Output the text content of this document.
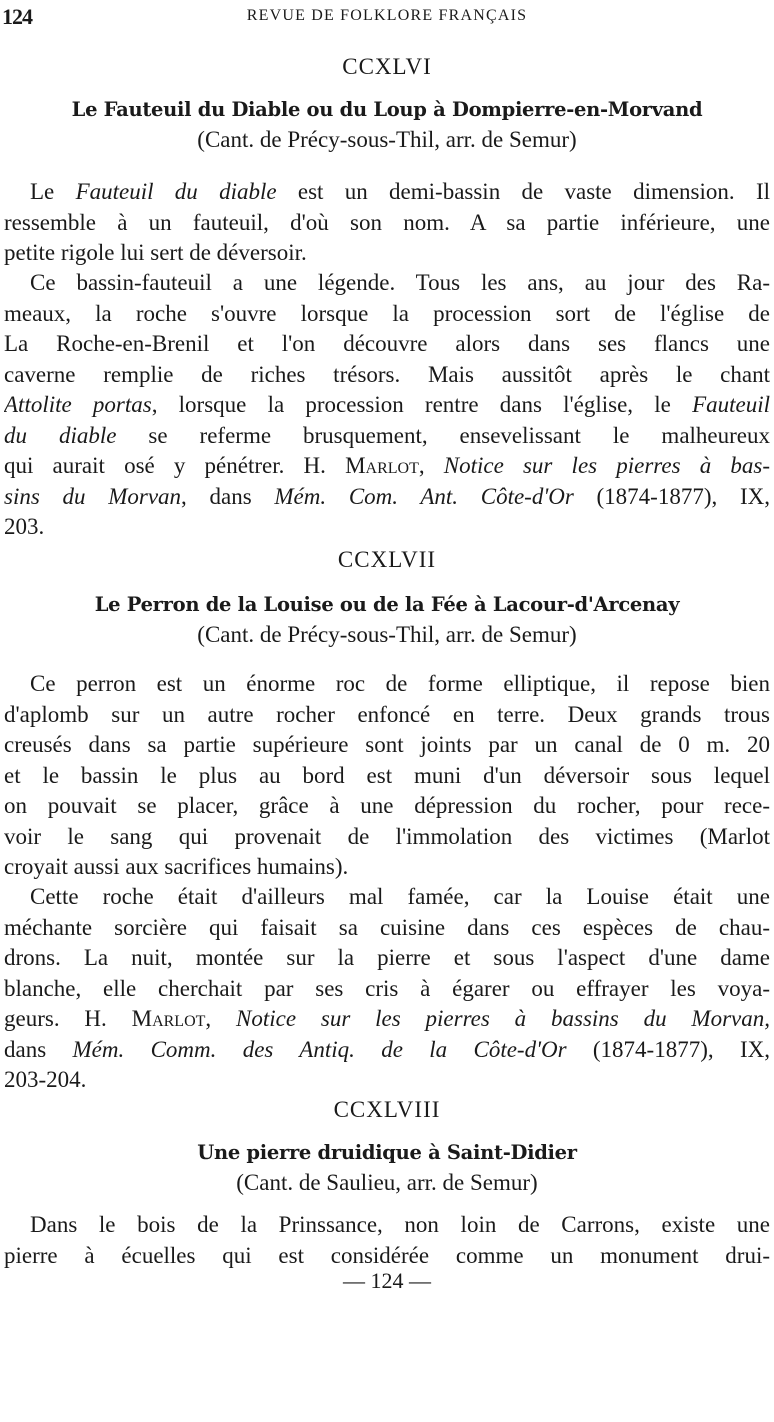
124	REVUE DE FOLKLORE FRANÇAIS
CCXLVI
Le Fauteuil du Diable ou du Loup à Dompierre-en-Morvand
(Cant. de Précy-sous-Thil, arr. de Semur)
Le Fauteuil du diable est un demi-bassin de vaste dimension. Il
ressemble à un fauteuil, d'où son nom. A sa partie inférieure, une
petite rigole lui sert de déversoir.
Ce bassin-fauteuil a une légende. Tous les ans, au jour des Ra-
meaux, la roche s'ouvre lorsque la procession sort de l'église de
La Roche-en-Brenil et l'on découvre alors dans ses flancs une
caverne remplie de riches trésors. Mais aussitôt après le chant
Attolite portas, lorsque la procession rentre dans l'église, le Fauteuil
du diable se referme brusquement, ensevelissant le malheureux
qui aurait osé y pénétrer. H. Marlot, Notice sur les pierres à bas-
sins du Morvan, dans Mém. Com. Ant. Côte-d'Or (1874-1877), IX,
203.
CCXLVII
Le Perron de la Louise ou de la Fée à Lacour-d'Arcenay
(Cant. de Précy-sous-Thil, arr. de Semur)
Ce perron est un énorme roc de forme elliptique, il repose bien
d'aplomb sur un autre rocher enfoncé en terre. Deux grands trous
creusés dans sa partie supérieure sont joints par un canal de 0 m. 20
et le bassin le plus au bord est muni d'un déversoir sous lequel
on pouvait se placer, grâce à une dépression du rocher, pour rece-
voir le sang qui provenait de l'immolation des victimes (Marlot
croyait aussi aux sacrifices humains).
Cette roche était d'ailleurs mal famée, car la Louise était une
méchante sorcière qui faisait sa cuisine dans ces espèces de chau-
drons. La nuit, montée sur la pierre et sous l'aspect d'une dame
blanche, elle cherchait par ses cris à égarer ou effrayer les voya-
geurs. H. Marlot, Notice sur les pierres à bassins du Morvan,
dans Mém. Comm. des Antiq. de la Côte-d'Or (1874-1877), IX,
203-204.
CCXLVIII
Une pierre druidique à Saint-Didier
(Cant. de Saulieu, arr. de Semur)
Dans le bois de la Prinssance, non loin de Carrons, existe une
pierre à écuelles qui est considérée comme un monument drui-
— 124 —
